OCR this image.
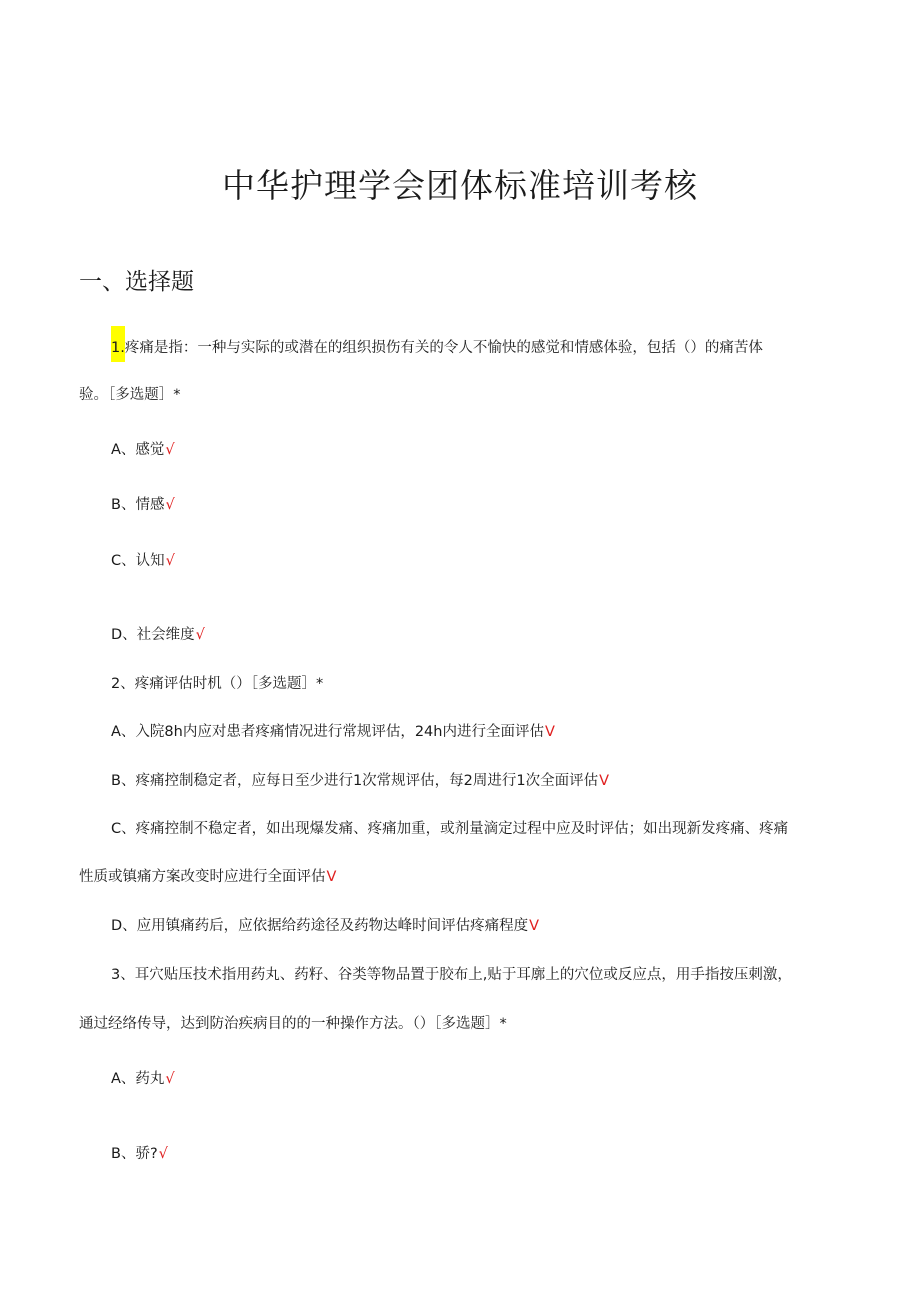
中华护理学会团体标准培训考核
一、选择题
1.疼痛是指：一种与实际的或潜在的组织损伤有关的令人不愉快的感觉和情感体验，包括（）的痛苦体
验。［多选题］*
A、感觉√
B、情感√
C、认知√
D、社会维度√
2、疼痛评估时机（）［多选题］*
A、入院8h内应对患者疼痛情况进行常规评估，24h内进行全面评估V
B、疼痛控制稳定者，应每日至少进行1次常规评估，每2周进行1次全面评估V
C、疼痛控制不稳定者，如出现爆发痛、疼痛加重，或剂量滴定过程中应及时评估；如出现新发疼痛、疼痛
性质或镇痛方案改变时应进行全面评估V
D、应用镇痛药后，应依据给药途径及药物达峰时间评估疼痛程度V
3、耳穴贴压技术指用药丸、药籽、谷类等物品置于胶布上,贴于耳廓上的穴位或反应点，用手指按压刺激，
通过经络传导，达到防治疾病目的的一种操作方法。（）［多选题］*
A、药丸√
B、骄?√
